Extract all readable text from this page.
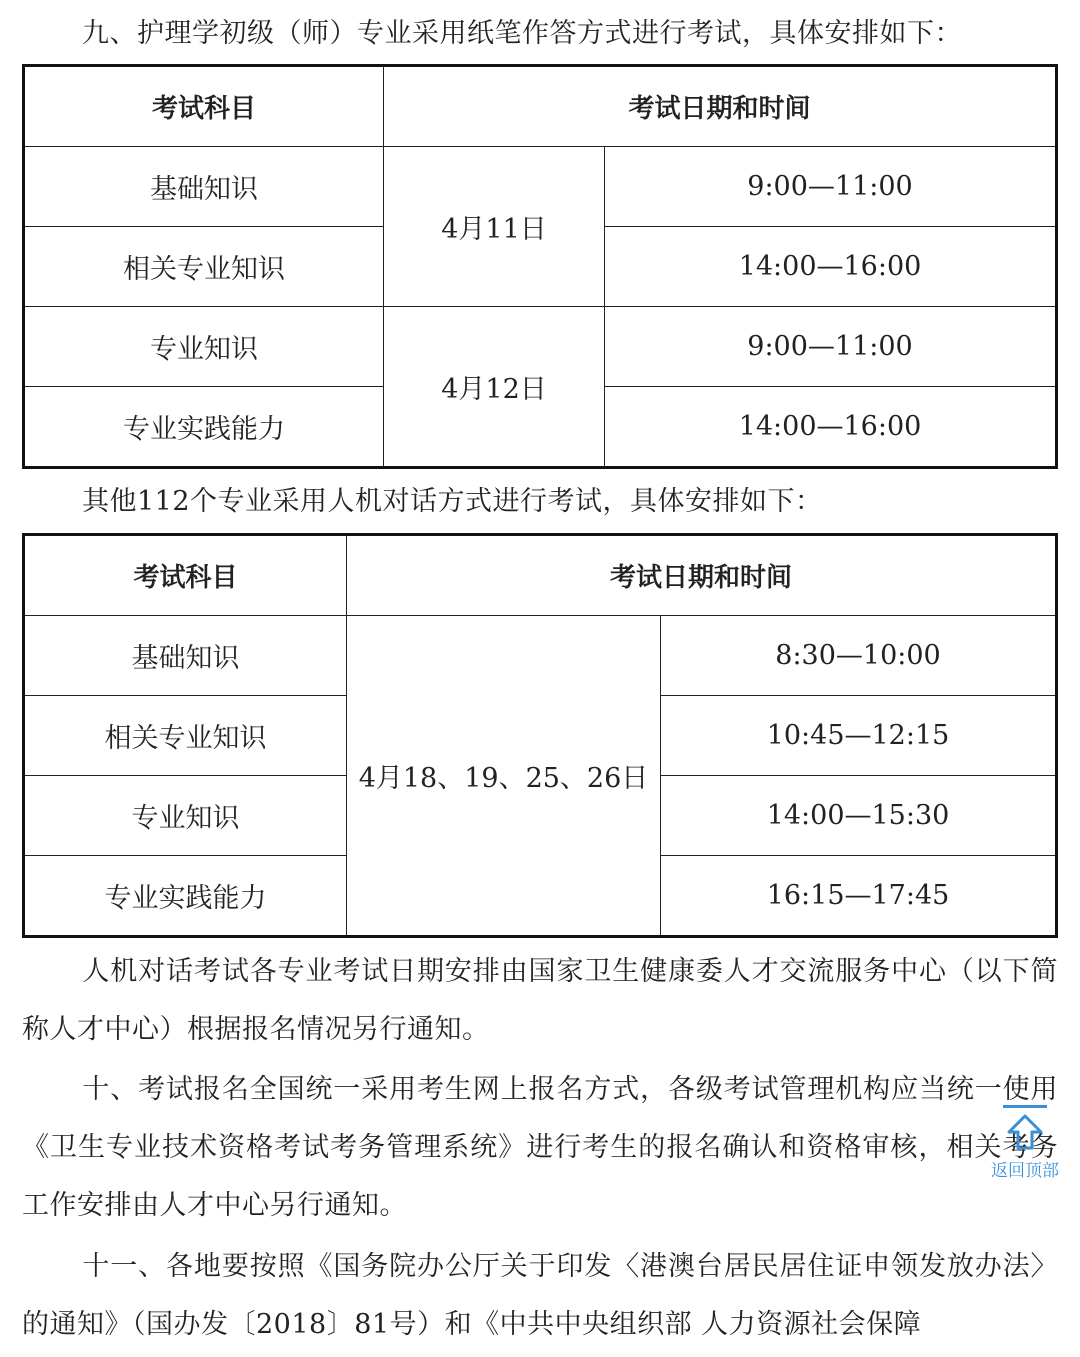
九、护理学初级（师）专业采用纸笔作答方式进行考试，具体安排如下：

考试科目	考试日期和时间	
基础知识	4月11日	9:00—11:00
相关专业知识		14:00—16:00
专业知识	4月12日	9:00—11:00
专业实践能力		14:00—16:00

其他112个专业采用人机对话方式进行考试，具体安排如下：

考试科目	考试日期和时间	
基础知识	4月18、19、25、26日	8:30—10:00
相关专业知识		10:45—12:15
专业知识		14:00—15:30
专业实践能力		16:15—17:45

人机对话考试各专业考试日期安排由国家卫生健康委人才交流服务中心（以下简称人才中心）根据报名情况另行通知。

十、考试报名全国统一采用考生网上报名方式，各级考试管理机构应当统一使用《卫生专业技术资格考试考务管理系统》进行考生的报名确认和资格审核，相关考务工作安排由人才中心另行通知。

十一、各地要按照《国务院办公厅关于印发〈港澳台居民居住证申领发放办法〉的通知》（国办发〔2018〕81号）和《中共中央组织部 人力资源社会保障

返回顶部
